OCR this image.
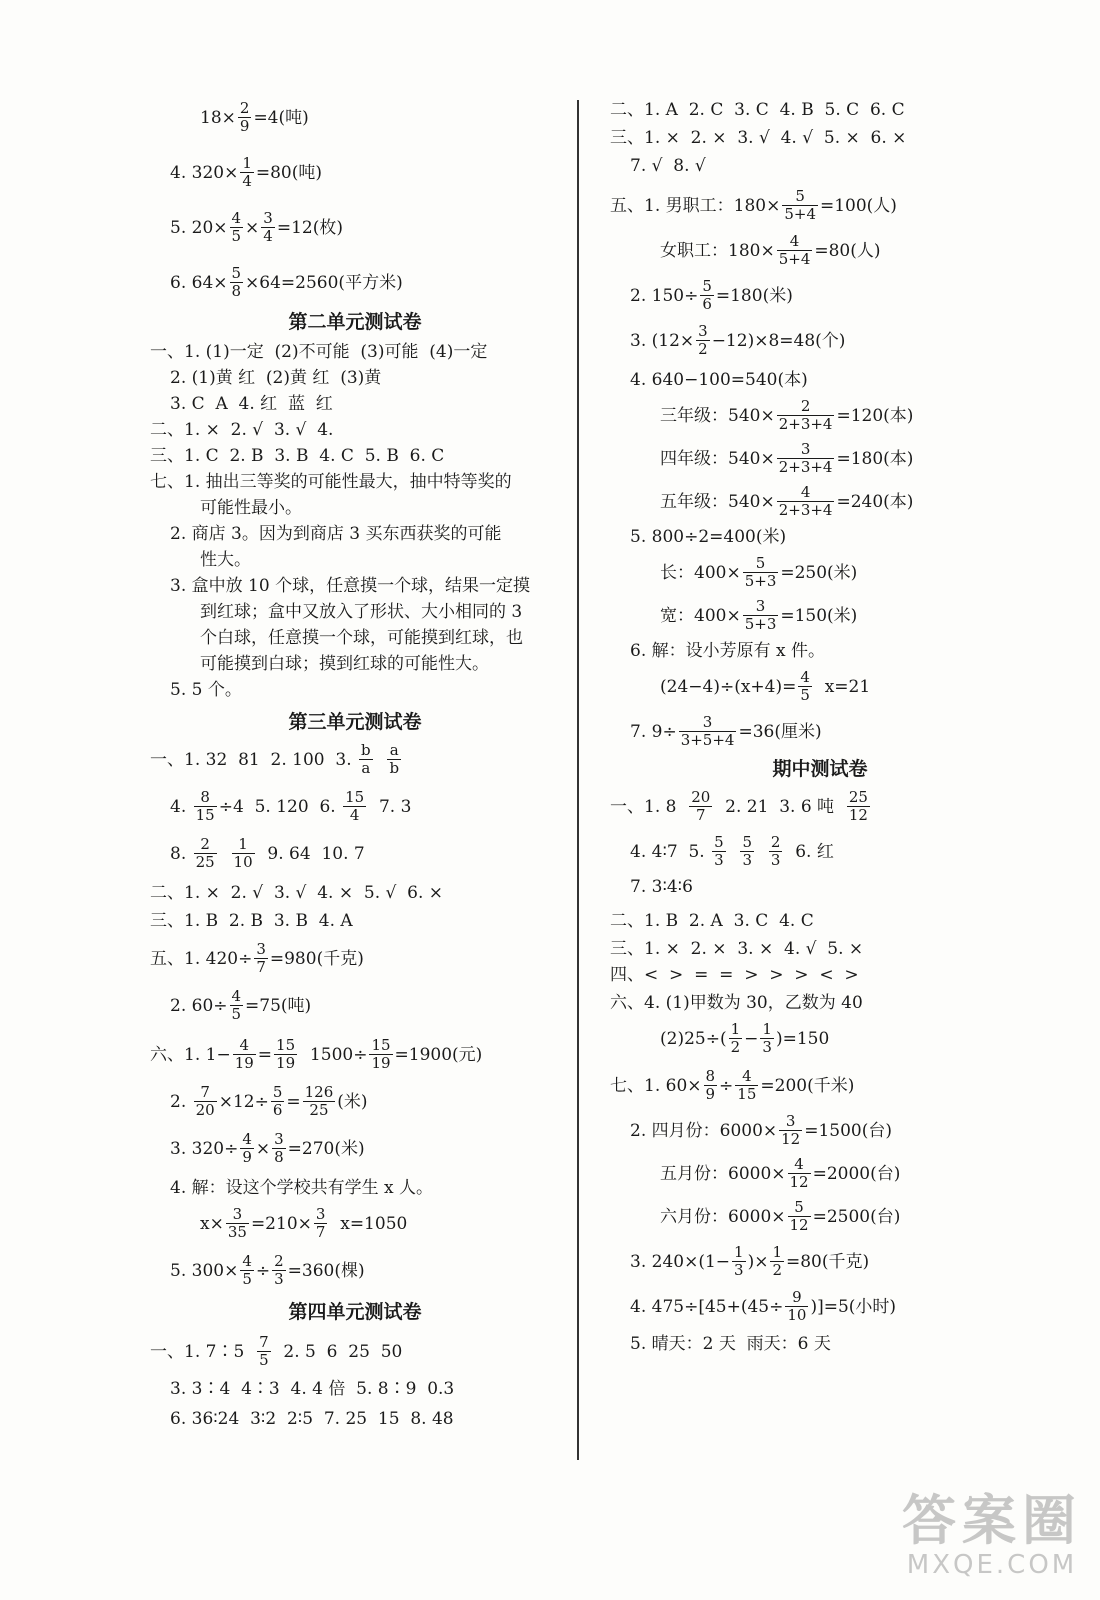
$18\times \frac{2}{9} =4$(吨)
4. $320\times \frac{1}{4} =80$(吨)
5. $20\times \frac{4}{5} \times \frac{3}{4} =12$(枚)
6. $64\times \frac{5}{8} \times 64=2560$(平方米)
第二单元测试卷
一、1. (1)一定  (2)不可能  (3)可能  (4)一定
2. (1)黄 红  (2)黄 红  (3)黄
3. C  A  4. 红  蓝  红
二、1. ×  2. √  3. √  4.
三、1. C  2. B  3. B  4. C  5. B  6. C
七、1. 抽出三等奖的可能性最大，抽中特等奖的
可能性最小。
2. 商店 3。因为到商店 3 买东西获奖的可能
性大。
3. 盒中放 10 个球，任意摸一个球，结果一定摸
到红球；盒中又放入了形状、大小相同的 3
个白球，任意摸一个球，可能摸到红球，也
可能摸到白球；摸到红球的可能性大。
5. 5 个。
第三单元测试卷
一、1. 32  81  2. 100  3. $\frac{b}{a}$
$\frac{a}{b}$
4. $\frac{8}{15} \div 4$  5. 120  6. $\frac{15}{4} 7$. 3
8. $\frac{2}{25}$
$\frac{1}{10} 9$. 64  10. 7
二、1. ×  2. √  3. √  4. ×  5. √  6. ×
三、1. B  2. B  3. B  4. A
五、1. $420\div \frac{3}{7} =980$(千克)
2. $60\div \frac{4}{5} =75$(吨)
六、1. $1- \frac{4}{19} = \frac{15}{19} 1500\div \frac{15}{19} =1900$(元)
2. $\frac{7}{20} \times 12\div \frac{5}{6} = \frac{126}{25}$ (米)
3. $320\div \frac{4}{9} \times \frac{3}{8} =270$(米)
4. 解：设这个学校共有学生 x 人。
$x\times \frac{3}{35} =210\times \frac{3}{7} x=1050$
5. $300\times \frac{4}{5} \div \frac{2}{3} =360$(棵)
第四单元测试卷
一、1. 7∶5 $\frac{7}{5} 2$. 5  6  25  50
3. 3∶4  4∶3  4. 4 倍  5. 8∶9  0.3
6. 36∶24  3∶2  2∶5  7. 25  15  8. 48
二、1. A  2. C  3. C  4. B  5. C  6. C
三、1. ×  2. ×  3. √  4. √  5. ×  6. ×
7. √  8. √
五、1. 男职工：$180\times \frac{5}{5+4} =100$(人)
女职工：$180\times \frac{4}{5+4} =80$(人)
2. $150\div \frac{5}{6} =180$(米)
3. $(12\times \frac{3}{2} -12)\times 8=48$(个)
4. 640−100=540(本)
三年级：$540\times \frac{2}{2+3+4} =120$(本)
四年级：$540\times \frac{3}{2+3+4} =180$(本)
五年级：$540\times \frac{4}{2+3+4} =240$(本)
5. 800÷2=400(米)
长：$400\times \frac{5}{5+3} =250$(米)
宽：$400\times \frac{3}{5+3} =150$(米)
6. 解：设小芳原有 x 件。
$(24-4)\div(x+4)= \frac{4}{5} x=21$
7. $9\div \frac{3}{3+5+4} =36$(厘米)
期中测试卷
一、1. $8 \frac{20}{7} 2$. 21  3. 6 吨 $\frac{25}{12}$
4. 4∶7  5. $\frac{5}{3}$
$\frac{5}{3}$
$\frac{2}{3} 6$. 红
7. 3∶4∶6
二、1. B  2. A  3. C  4. C
三、1. ×  2. ×  3. ×  4. √  5. ×
四、<  >  =  =  >  >  >  <  >
六、4. (1)甲数为 30，乙数为 40
$(2)25\div( \frac{1}{2} - \frac{1}{3} )=150$
七、1. $60\times \frac{8}{9} \div \frac{4}{15} =200$(千米)
2. 四月份：$6000\times \frac{3}{12} =1500$(台)
五月份：$6000\times \frac{4}{12} =2000$(台)
六月份：$6000\times \frac{5}{12} =2500$(台)
3. $240\times(1- \frac{1}{3}$ )× $\frac{1}{2} =80$(千克)
4. $475\div[45+(45\div \frac{9}{10} )]=5$(小时)
5. 晴天：2 天  雨天：6 天
答案圈
MXQE.COM
